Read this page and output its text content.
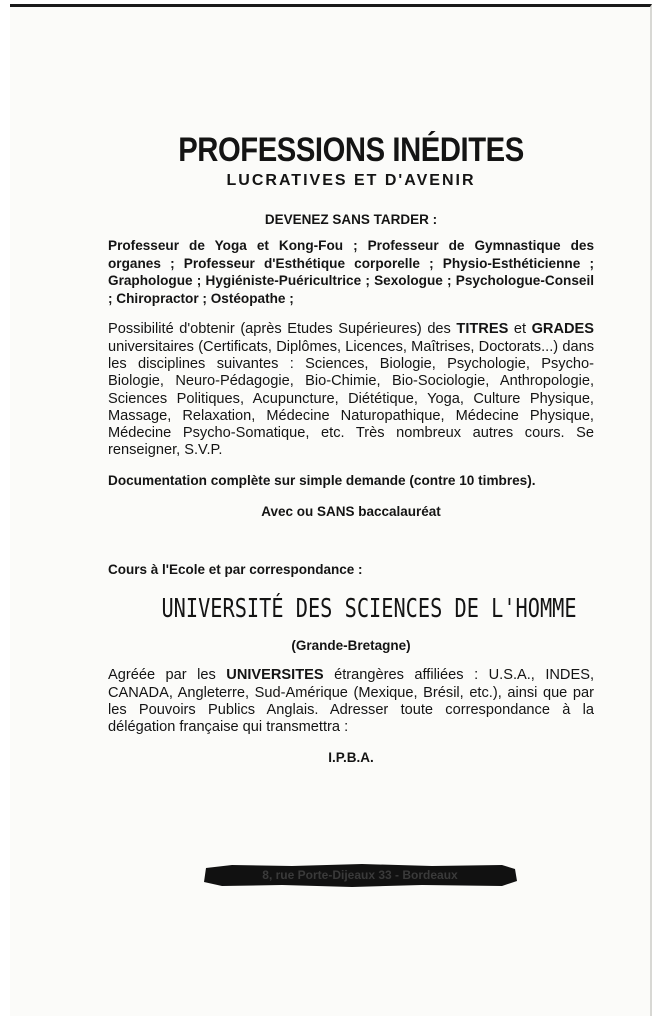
PROFESSIONS INÉDITES

LUCRATIVES ET D'AVENIR

DEVENEZ SANS TARDER :

Professeur de Yoga et Kong-Fou ; Professeur de Gymnastique des organes ; Professeur d'Esthétique corporelle ; Physio-Esthéticienne ; Graphologue ; Hygiéniste-Puéricultrice ; Sexologue ; Psychologue-Conseil ; Chiropractor ; Ostéopathe ;

Possibilité d'obtenir (après Etudes Supérieures) des TITRES et GRADES universitaires (Certificats, Diplômes, Licences, Maîtrises, Doctorats...) dans les disciplines suivantes : Sciences, Biologie, Psychologie, Psycho-Biologie, Neuro-Pédagogie, Bio-Chimie, Bio-Sociologie, Anthropologie, Sciences Politiques, Acupuncture, Diététique, Yoga, Culture Physique, Massage, Relaxation, Médecine Naturopathique, Médecine Physique, Médecine Psycho-Somatique, etc. Très nombreux autres cours. Se renseigner, S.V.P.

Documentation complète sur simple demande (contre 10 timbres).

Avec ou SANS baccalauréat

Cours à l'Ecole et par correspondance :

UNIVERSITÉ DES SCIENCES DE L'HOMME

(Grande-Bretagne)

Agréée par les UNIVERSITES étrangères affiliées : U.S.A., INDES, CANADA, Angleterre, Sud-Amérique (Mexique, Brésil, etc.), ainsi que par les Pouvoirs Publics Anglais. Adresser toute correspondance à la délégation française qui transmettra :

I.P.B.A.

8, rue Porte-Dijeaux 33 - Bordeaux
